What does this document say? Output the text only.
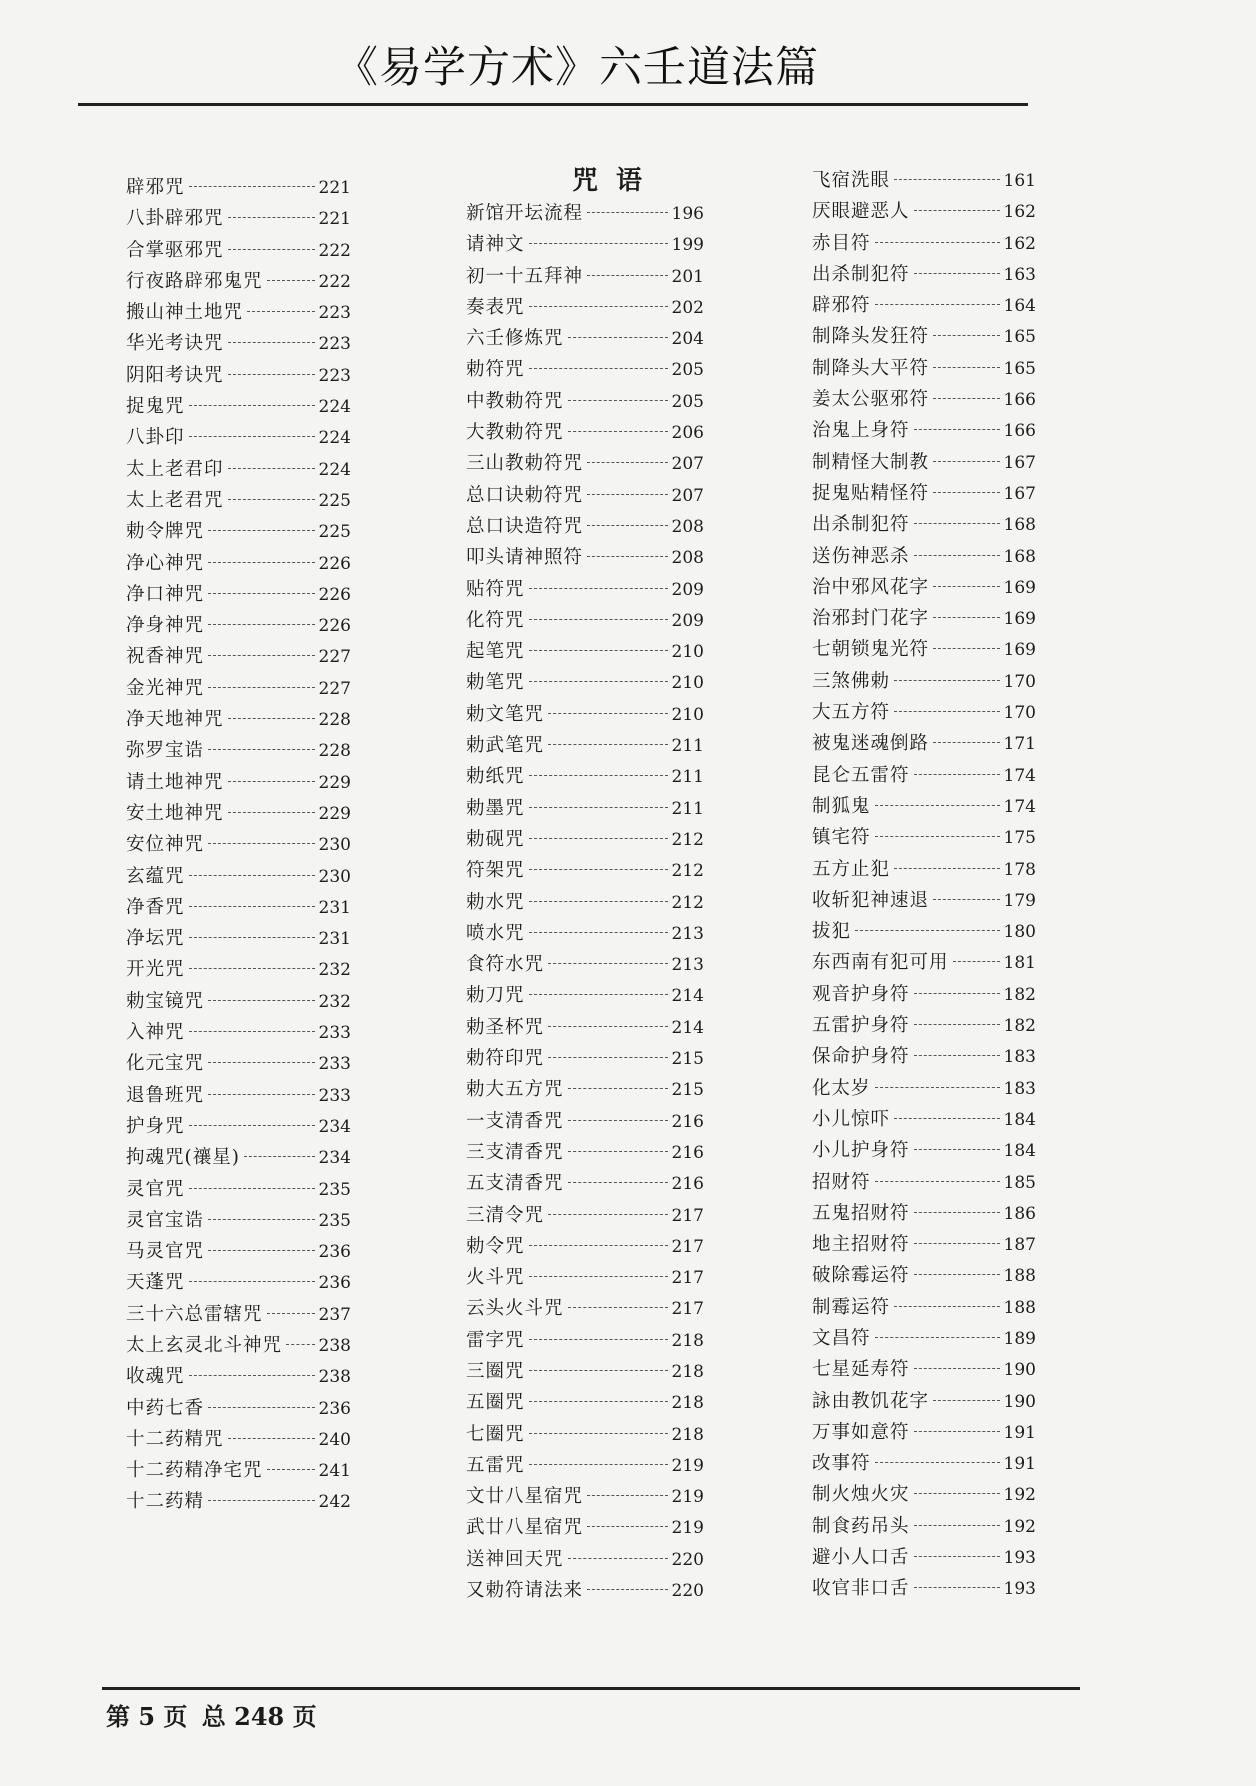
《易学方术》六壬道法篇
辟邪咒	221
八卦辟邪咒	221
合掌驱邪咒	222
行夜路辟邪鬼咒	222
搬山神土地咒	223
华光考诀咒	223
阴阳考诀咒	223
捉鬼咒	224
八卦印	224
太上老君印	224
太上老君咒	225
勅令牌咒	225
净心神咒	226
净口神咒	226
净身神咒	226
祝香神咒	227
金光神咒	227
净天地神咒	228
弥罗宝诰	228
请土地神咒	229
安土地神咒	229
安位神咒	230
玄蕴咒	230
净香咒	231
净坛咒	231
开光咒	232
勅宝镜咒	232
入神咒	233
化元宝咒	233
退鲁班咒	233
护身咒	234
拘魂咒(禳星)	234
灵官咒	235
灵官宝诰	235
马灵官咒	236
天蓬咒	236
三十六总雷辖咒	237
太上玄灵北斗神咒 238
收魂咒	238
中药七香	236
十二药精咒	240
十二药精净宅咒	241
十二药精	242
咒语
新馆开坛流程	196
请神文	199
初一十五拜神	201
奏表咒	202
六壬修炼咒	204
勅符咒	205
中教勅符咒	205
大教勅符咒	206
三山教勅符咒	207
总口诀勅符咒	207
总口诀造符咒	208
叩头请神照符	208
贴符咒	209
化符咒	209
起笔咒	210
勅笔咒	210
勅文笔咒	210
勅武笔咒	211
勅纸咒	211
勅墨咒	211
勅砚咒	212
符架咒	212
勅水咒	212
喷水咒	213
食符水咒	213
勅刀咒	214
勅圣杯咒	214
勅符印咒	215
勅大五方咒	215
一支清香咒	216
三支清香咒	216
五支清香咒	216
三清令咒	217
勅令咒	217
火斗咒	217
云头火斗咒	217
雷字咒	218
三圈咒	218
五圈咒	218
七圈咒	218
五雷咒	219
文廿八星宿咒	219
武廿八星宿咒	219
送神回天咒	220
又勅符请法来	220
飞宿洗眼	161
厌眼避恶人	162
赤目符	162
出杀制犯符	163
辟邪符	164
制降头发狂符	165
制降头大平符	165
姜太公驱邪符	166
治鬼上身符	166
制精怪大制教	167
捉鬼贴精怪符	167
出杀制犯符	168
送伤神恶杀	168
治中邪风花字	169
治邪封门花字	169
七朝锁鬼光符	169
三煞佛勅	170
大五方符	170
被鬼迷魂倒路	171
昆仑五雷符	174
制狐鬼	174
镇宅符	175
五方止犯	178
收斩犯神速退	179
拔犯	180
东西南有犯可用	181
观音护身符	182
五雷护身符	182
保命护身符	183
化太岁	183
小儿惊吓	184
小儿护身符	184
招财符	185
五鬼招财符	186
地主招财符	187
破除霉运符	188
制霉运符	188
文昌符	189
七星延寿符	190
詠由教饥花字	190
万事如意符	191
改事符	191
制火烛火灾	192
制食药吊头	192
避小人口舌	193
收官非口舌	193
第 5 页 总 248 页
